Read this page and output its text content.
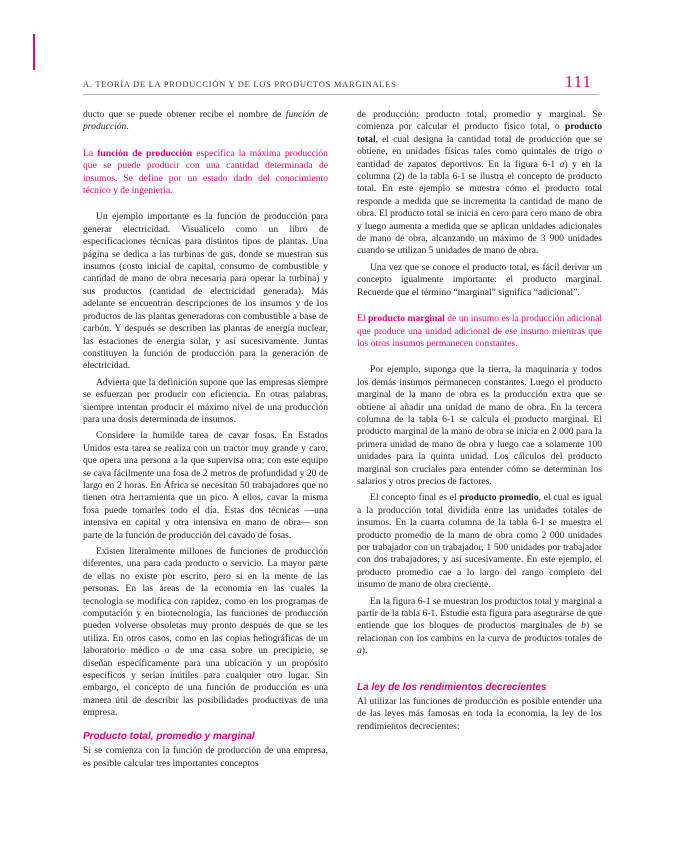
A. TEORÍA DE LA PRODUCCIÓN Y DE LOS PRODUCTOS MARGINALES	111

ducto que se puede obtener recibe el nombre de función de producción.

La función de producción especifica la máxima producción que se puede producir con una cantidad determinada de insumos. Se define por un estado dado del conocimiento técnico y de ingeniería.

Un ejemplo importante es la función de producción para generar electricidad. Visualícelo como un libro de especificaciones técnicas para distintos tipos de plantas. Una página se dedica a las turbinas de gas, donde se muestran sus insumos (costo inicial de capital, consumo de combustible y cantidad de mano de obra necesaria para operar la turbina) y sus productos (cantidad de electricidad generada). Más adelante se encuentran descripciones de los insumos y de los productos de las plantas generadoras con combustible a base de carbón. Y después se describen las plantas de energía nuclear, las estaciones de energía solar, y así sucesivamente. Juntas constituyen la función de producción para la generación de electricidad.

Advierta que la definición supone que las empresas siempre se esfuerzan por producir con eficiencia. En otras palabras, siempre intentan producir el máximo nivel de una producción para una dosis determinada de insumos.

Considere la humilde tarea de cavar fosas. En Estados Unidos esta tarea se realiza con un tractor muy grande y caro, que opera una persona a la que supervisa otra; con este equipo se cava fácilmente una fosa de 2 metros de profundidad y 20 de largo en 2 horas. En África se necesitan 50 trabajadores que no tienen otra herramienta que un pico. A ellos, cavar la misma fosa puede tomarles todo el día. Estas dos técnicas —una intensiva en capital y otra intensiva en mano de obra— son parte de la función de producción del cavado de fosas.

Existen literalmente millones de funciones de producción diferentes, una para cada producto o servicio. La mayor parte de ellas no existe por escrito, pero sí en la mente de las personas. En las áreas de la economía en las cuales la tecnología se modifica con rapidez, como en los programas de computación y en biotecnología, las funciones de producción pueden volverse obsoletas muy pronto después de que se les utiliza. En otros casos, como en las copias heliográficas de un laboratorio médico o de una casa sobre un precipicio, se diseñan específicamente para una ubicación y un propósito específicos y serían inútiles para cualquier otro lugar. Sin embargo, el concepto de una función de producción es una manera útil de describir las posibilidades productivas de una empresa.

Producto total, promedio y marginal

Si se comienza con la función de producción de una empresa, es posible calcular tres importantes conceptos

de producción: producto total, promedio y marginal. Se comienza por calcular el producto físico total, o producto total, el cual designa la cantidad total de producción que se obtiene, en unidades físicas tales como quintales de trigo o cantidad de zapatos deportivos. En la figura 6-1 a) y en la columna (2) de la tabla 6-1 se ilustra el concepto de producto total. En este ejemplo se muestra cómo el producto total responde a medida que se incrementa la cantidad de mano de obra. El producto total se inicia en cero para cero mano de obra y luego aumenta a medida que se aplican unidades adicionales de mano de obra, alcanzando un máximo de 3 900 unidades cuando se utilizan 5 unidades de mano de obra.

Una vez que se conoce el producto total, es fácil derivar un concepto igualmente importante: el producto marginal. Recuerde que el término “marginal” significa “adicional”.

El producto marginal de un insumo es la producción adicional que produce una unidad adicional de ese insumo mientras que los otros insumos permanecen constantes.

Por ejemplo, suponga que la tierra, la maquinaria y todos los demás insumos permanecen constantes. Luego el producto marginal de la mano de obra es la producción extra que se obtiene al añadir una unidad de mano de obra. En la tercera columna de la tabla 6-1 se calcula el producto marginal. El producto marginal de la mano de obra se inicia en 2 000 para la primera unidad de mano de obra y luego cae a solamente 100 unidades para la quinta unidad. Los cálculos del producto marginal son cruciales para entender cómo se determinan los salarios y otros precios de factores.

El concepto final es el producto promedio, el cual es igual a la producción total dividida entre las unidades totales de insumos. En la cuarta columna de la tabla 6-1 se muestra el producto promedio de la mano de obra como 2 000 unidades por trabajador con un trabajador, 1 500 unidades por trabajador con dos trabajadores, y así sucesivamente. En este ejemplo, el producto promedio cae a lo largo del rango completo del insumo de mano de obra creciente.

En la figura 6-1 se muestran los productos total y marginal a partir de la tabla 6-1. Estudie esta figura para asegurarse de que entiende que los bloques de productos marginales de b) se relacionan con los cambios en la curva de productos totales de a).

La ley de los rendimientos decrecientes

Al utilizar las funciones de producción es posible entender una de las leyes más famosas en toda la economía, la ley de los rendimientos decrecientes:
